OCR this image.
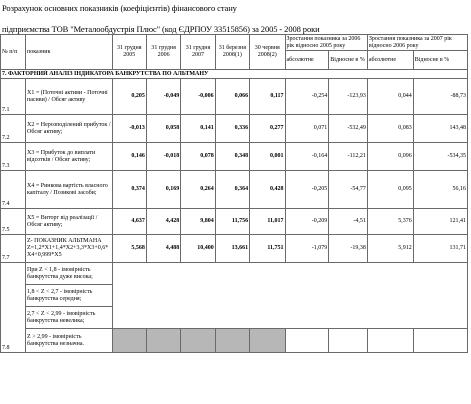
Розрахунок основних показників (коефіцієнтів) фінансового стану
підприємства ТОВ "Металообдустрія Плюс" (код ЄДРПОУ 33515856) за 2005 - 2008 роки
№ п/п	показник	31 грудня 2005	31 грудня 2006	31 грудня 2007	31 березня 2008(1)	30 червня 2008(2)	Зростання показника за 2006 рік відносно 2005 року		Зростання показника за 2007 рік відносно 2006 року	
							абсолютне	Відносне в %	абсолютне	Відносне в %
7. ФАКТОРНИЙ АНАЛІЗ ІНДИКАТОРА БАНКРУТСТВА ПО АЛЬТМАНУ										
7.1	X1 = (Поточні активи - Поточні пасиви) / Обсяг активу	0,205	-0,049	-0,006	0,066	0,117	-0,254	-123,93	0,044	-88,73
7.2	X2 = Нерозподілений прибуток / Обсяг активу;	-0,013	0,058	0,141	0,336	0,277	0,071	-532,49	0,083	143,48
7.3	X3 = Прибуток до виплати відсотків / Обсяг активу;	0,146	-0,018	0,078	0,348	0,001	-0,164	-112,21	0,096	-534,35
7.4	X4 = Ринкова вартість власного капіталу / Позикові засоби;	0,374	0,169	0,264	0,364	0,428	-0,205	-54,77	0,095	56,16
7.5	X5 = Виторг від реалізації / Обсяг активу;	4,637	4,428	9,804	11,756	11,017	-0,209	-4,51	5,376	121,41
7.7	Z- ПОКАЗНИК АЛЬТМАНА Z=1,2*X1+1,4*X2+3,3*X3+0,6* X4+0,999*X5	5,568	4,488	10,400	13,661	11,751	-1,079	-19,38	5,912	131,71
	При Z < 1,8 - імовірність банкрутства дуже висока;									
	1,8 < Z < 2,7 - імовірність банкрутства середня;									
	2,7 < Z < 2,99 - імовірність банкрутства невелика;									
7.8	Z > 2,99 - імовірність банкрутства незначна.									
